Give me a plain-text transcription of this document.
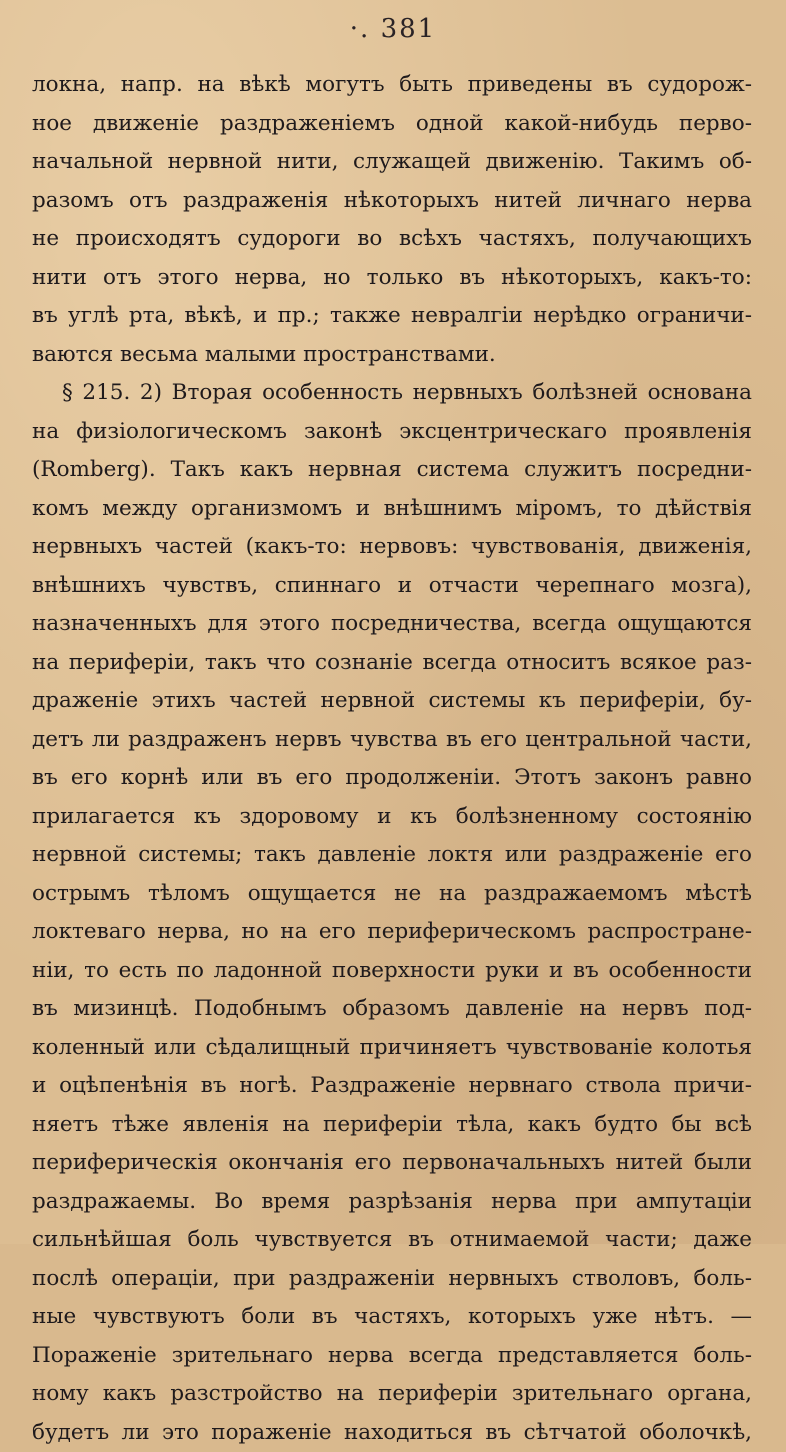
·. 381
локна, напр. на вѣкѣ могутъ быть приведены въ судорож-
ное движенiе раздраженiемъ одной какой-нибудь перво-
начальной нервной нити, служащей движенiю. Такимъ об-
разомъ отъ раздраженiя нѣкоторыхъ нитей личнаго нерва
не происходятъ судороги во всѣхъ частяхъ, получающихъ
нити отъ этого нерва, но только въ нѣкоторыхъ, какъ-то:
въ углѣ рта, вѣкѣ, и пр.; также невралгiи нерѣдко ограничи-
ваются весьма малыми пространствами.
§ 215. 2) Вторая особенность нервныхъ болѣзней основана
на физiологическомъ законѣ эксцентрическаго проявленiя
(Romberg). Такъ какъ нервная система служитъ посредни-
комъ между организмомъ и внѣшнимъ мiромъ, то дѣйствiя
нервныхъ частей (какъ-то: нервовъ: чувствованiя, движенiя,
внѣшнихъ чувствъ, спиннаго и отчасти черепнаго мозга),
назначенныхъ для этого посредничества, всегда ощущаются
на периферiи, такъ что сознанiе всегда относитъ всякое раз-
драженiе этихъ частей нервной системы къ периферiи, бу-
детъ ли раздраженъ нервъ чувства въ его центральной части,
въ его корнѣ или въ его продолженiи. Этотъ законъ равно
прилагается къ здоровому и къ болѣзненному состоянiю
нервной системы; такъ давленiе локтя или раздраженiе его
острымъ тѣломъ ощущается не на раздражаемомъ мѣстѣ
локтеваго нерва, но на его периферическомъ распростране-
нiи, то есть по ладонной поверхности руки и въ особенности
въ мизинцѣ. Подобнымъ образомъ давленiе на нервъ под-
коленный или сѣдалищный причиняетъ чувствованiе колотья
и оцѣпенѣнiя въ ногѣ. Раздраженiе нервнаго ствола причи-
няетъ тѣже явленiя на периферiи тѣла, какъ будто бы всѣ
периферическiя окончанiя его первоначальныхъ нитей были
раздражаемы. Во время разрѣзанiя нерва при ампутацiи
сильнѣйшая боль чувствуется въ отнимаемой части; даже
послѣ операцiи, при раздраженiи нервныхъ стволовъ, боль-
ные чувствуютъ боли въ частяхъ, которыхъ уже нѣтъ. —
Пораженiе зрительнаго нерва всегда представляется боль-
ному какъ разстройство на периферiи зрительнаго органа,
будетъ ли это пораженiе находиться въ сѣтчатой оболочкѣ,
